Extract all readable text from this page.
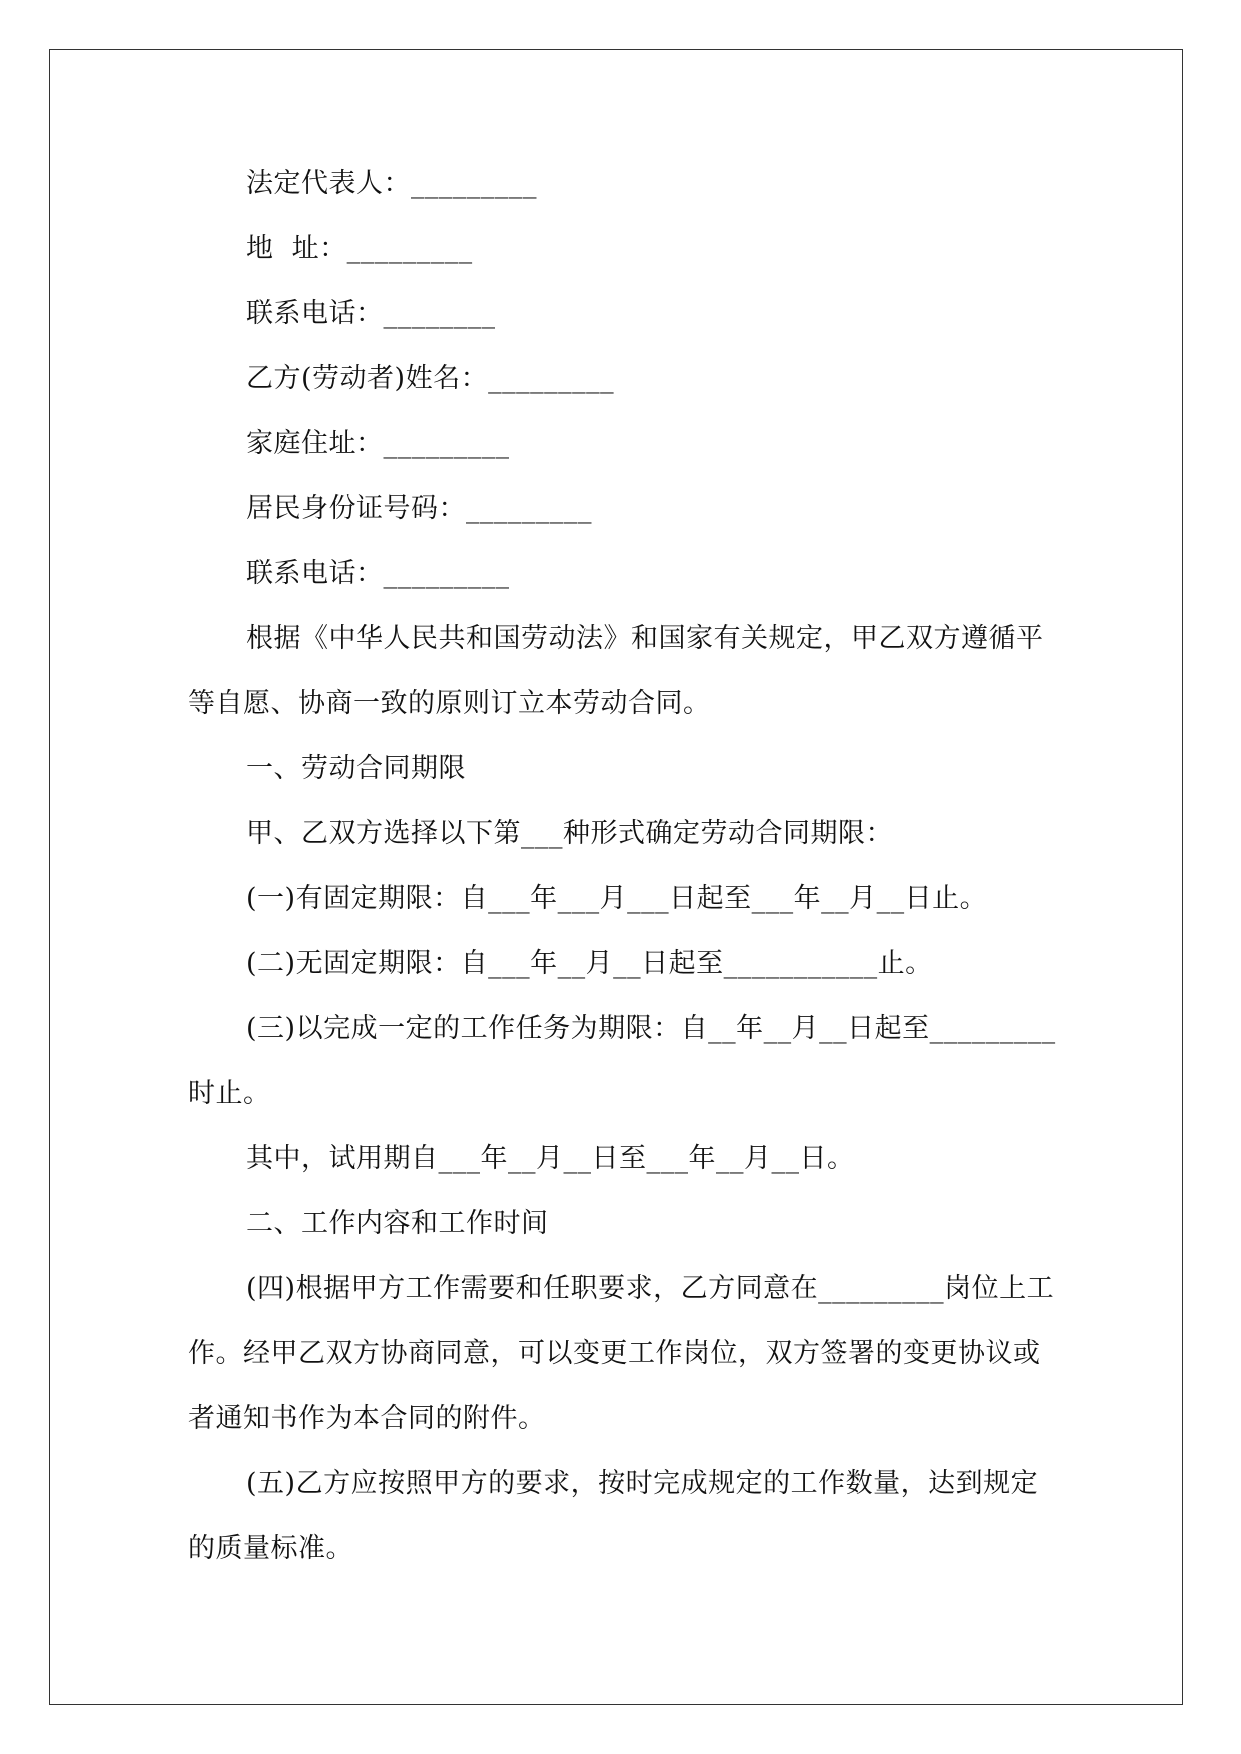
法定代表人：_________

地  址：_________

联系电话：________

乙方(劳动者)姓名：_________

家庭住址：_________

居民身份证号码：_________

联系电话：_________

根据《中华人民共和国劳动法》和国家有关规定，甲乙双方遵循平等自愿、协商一致的原则订立本劳动合同。

一、劳动合同期限

甲、乙双方选择以下第___种形式确定劳动合同期限：

(一)有固定期限：自___年___月___日起至___年__月__日止。

(二)无固定期限：自___年__月__日起至___________止。

(三)以完成一定的工作任务为期限：自__年__月__日起至_________时止。

其中，试用期自___年__月__日至___年__月__日。

二、工作内容和工作时间

(四)根据甲方工作需要和任职要求，乙方同意在_________岗位上工作。经甲乙双方协商同意，可以变更工作岗位，双方签署的变更协议或者通知书作为本合同的附件。

(五)乙方应按照甲方的要求，按时完成规定的工作数量，达到规定的质量标准。
